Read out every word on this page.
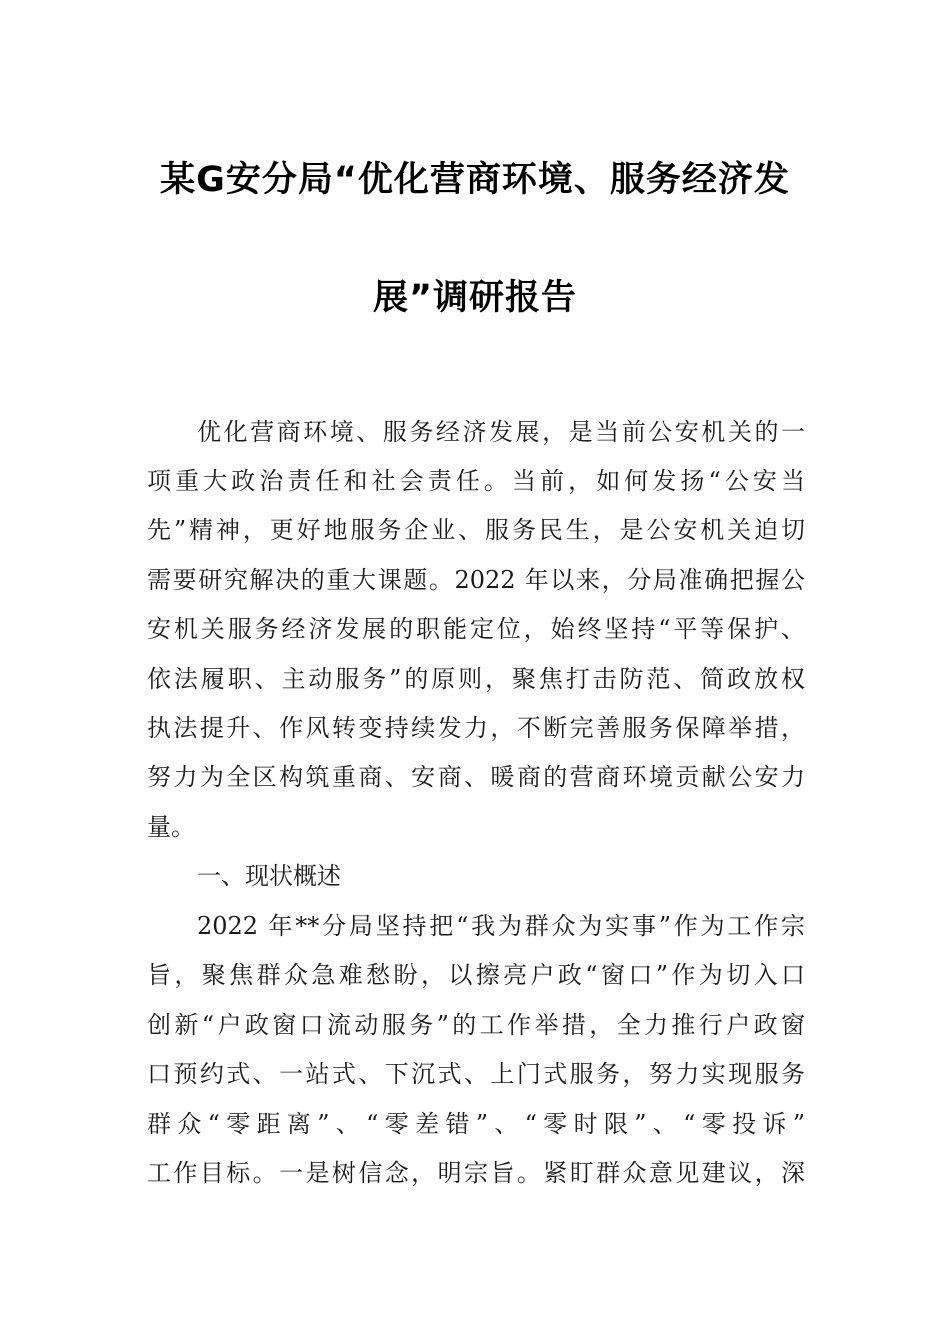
某G安分局“优化营商环境、服务经济发
展”调研报告
优化营商环境、服务经济发展，是当前公安机关的一
项重大政治责任和社会责任。当前，如何发扬“公安当
先”精神，更好地服务企业、服务民生，是公安机关迫切
需要研究解决的重大课题。2022 年以来，分局准确把握公
安机关服务经济发展的职能定位，始终坚持“平等保护、
依法履职、主动服务”的原则，聚焦打击防范、简政放权
执法提升、作风转变持续发力，不断完善服务保障举措，
努力为全区构筑重商、安商、暖商的营商环境贡献公安力
量。
一、现状概述
2022 年**分局坚持把“我为群众为实事”作为工作宗
旨，聚焦群众急难愁盼，以擦亮户政“窗口”作为切入口
创新“户政窗口流动服务”的工作举措，全力推行户政窗
口预约式、一站式、下沉式、上门式服务，努力实现服务
群众“零距离”、“零差错”、“零时限”、“零投诉”
工作目标。一是树信念，明宗旨。紧盯群众意见建议，深
